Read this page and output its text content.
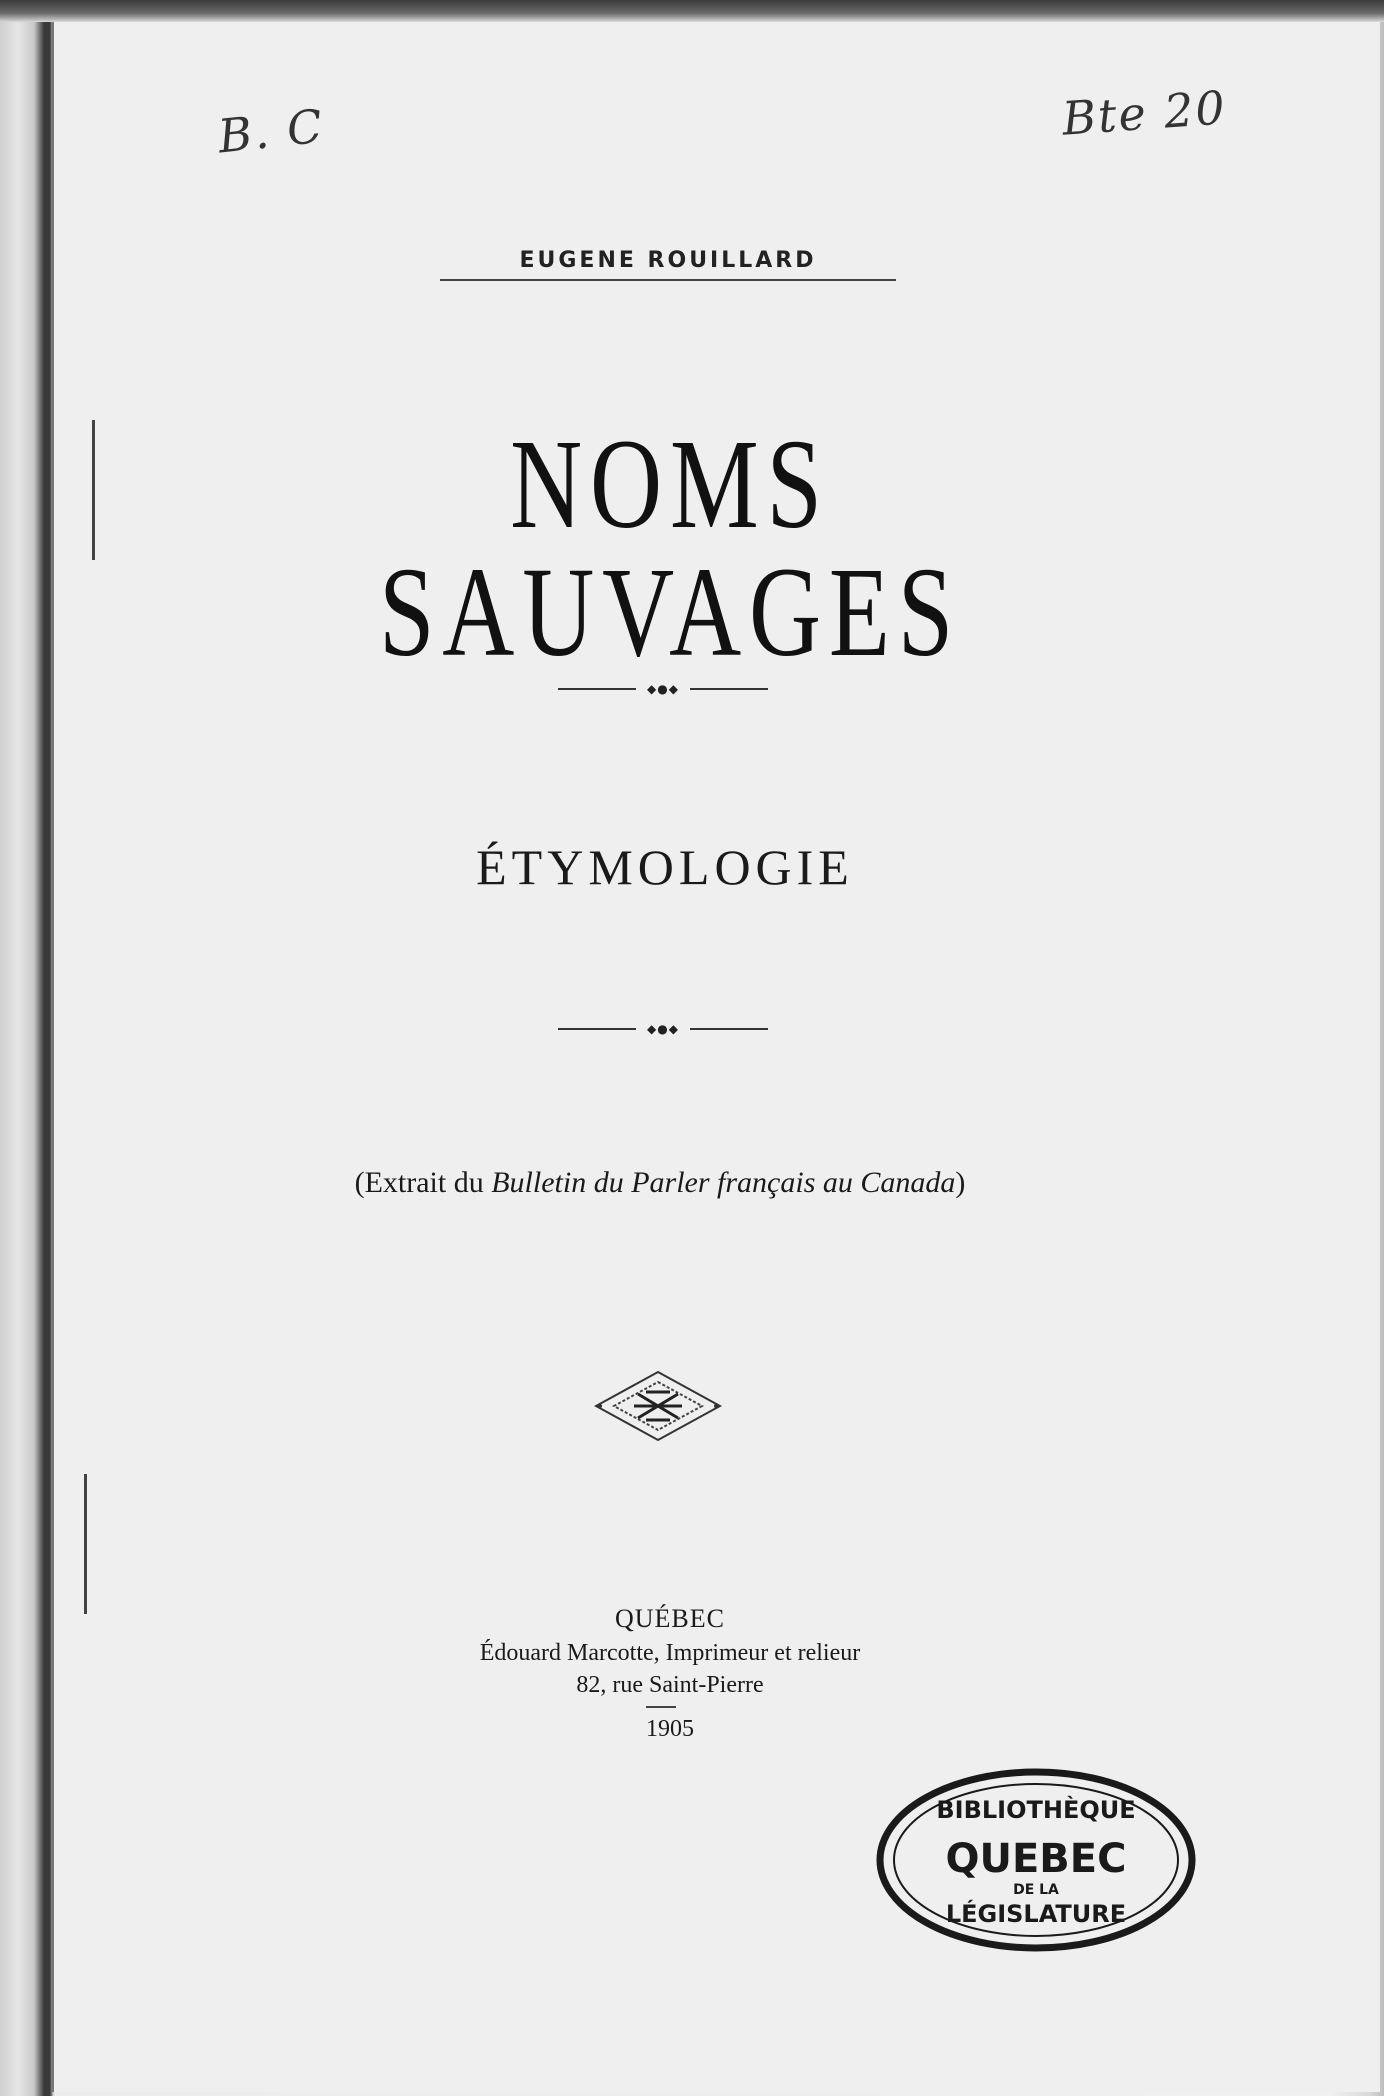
B. C	Bte 20
EUGENE ROUILLARD
NOMS SAUVAGES
◆●◆
ÉTYMOLOGIE
◆●◆
(Extrait du Bulletin du Parler français au Canada)
QUÉBEC
Édouard Marcotte, Imprimeur et relieur
82, rue Saint-Pierre
1905
BIBLIOTHÈQUE
QUEBEC
DE LA
LÉGISLATURE
